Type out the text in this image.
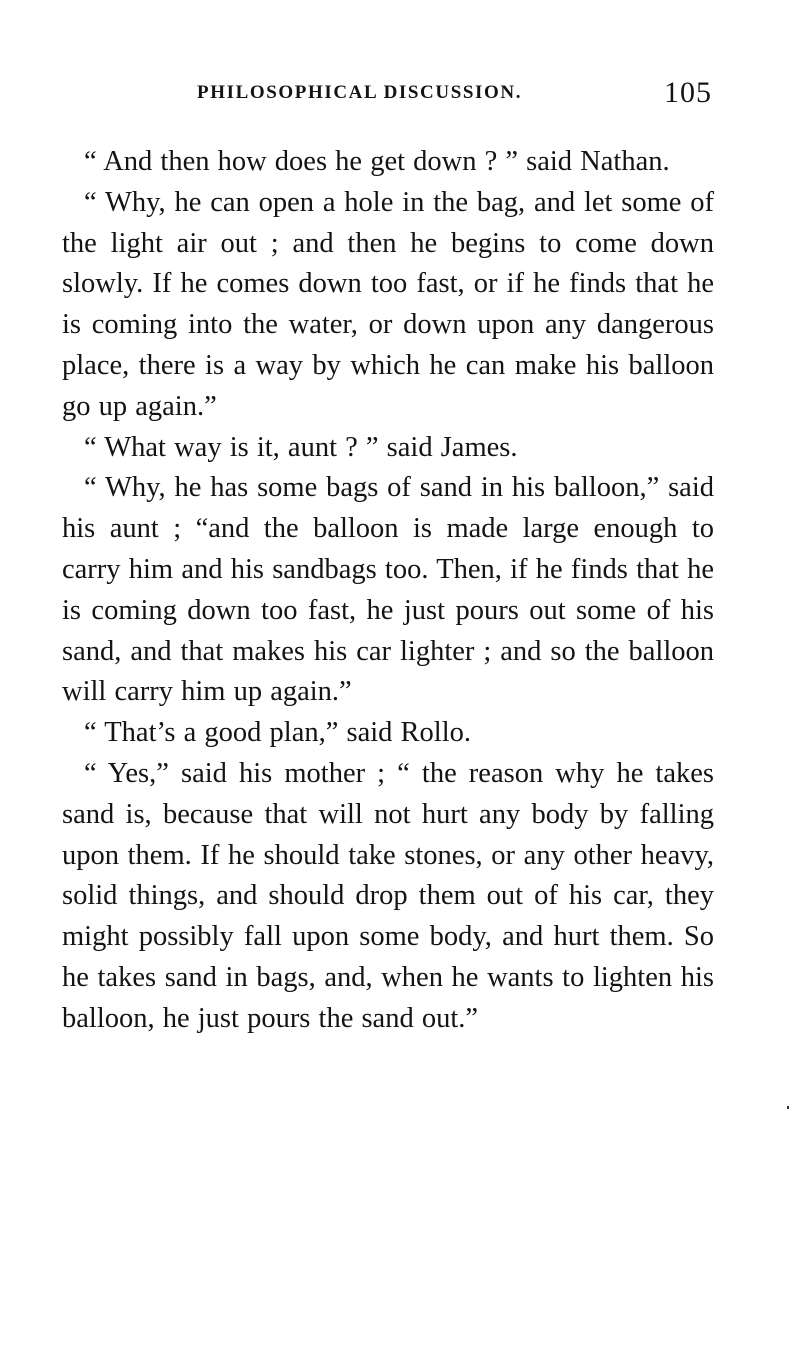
PHILOSOPHICAL DISCUSSION.	105

“ And then how does he get down ? ” said Nathan.

“ Why, he can open a hole in the bag, and let some of the light air out ; and then he begins to come down slowly. If he comes down too fast, or if he finds that he is coming into the water, or down upon any dangerous place, there is a way by which he can make his balloon go up again.”

“ What way is it, aunt ? ” said James.

“ Why, he has some bags of sand in his balloon,” said his aunt ; “and the balloon is made large enough to carry him and his sandbags too. Then, if he finds that he is coming down too fast, he just pours out some of his sand, and that makes his car lighter ; and so the balloon will carry him up again.”

“ That’s a good plan,” said Rollo.

“ Yes,” said his mother ; “ the reason why he takes sand is, because that will not hurt any body by falling upon them. If he should take stones, or any other heavy, solid things, and should drop them out of his car, they might possibly fall upon some body, and hurt them. So he takes sand in bags, and, when he wants to lighten his balloon, he just pours the sand out.”
